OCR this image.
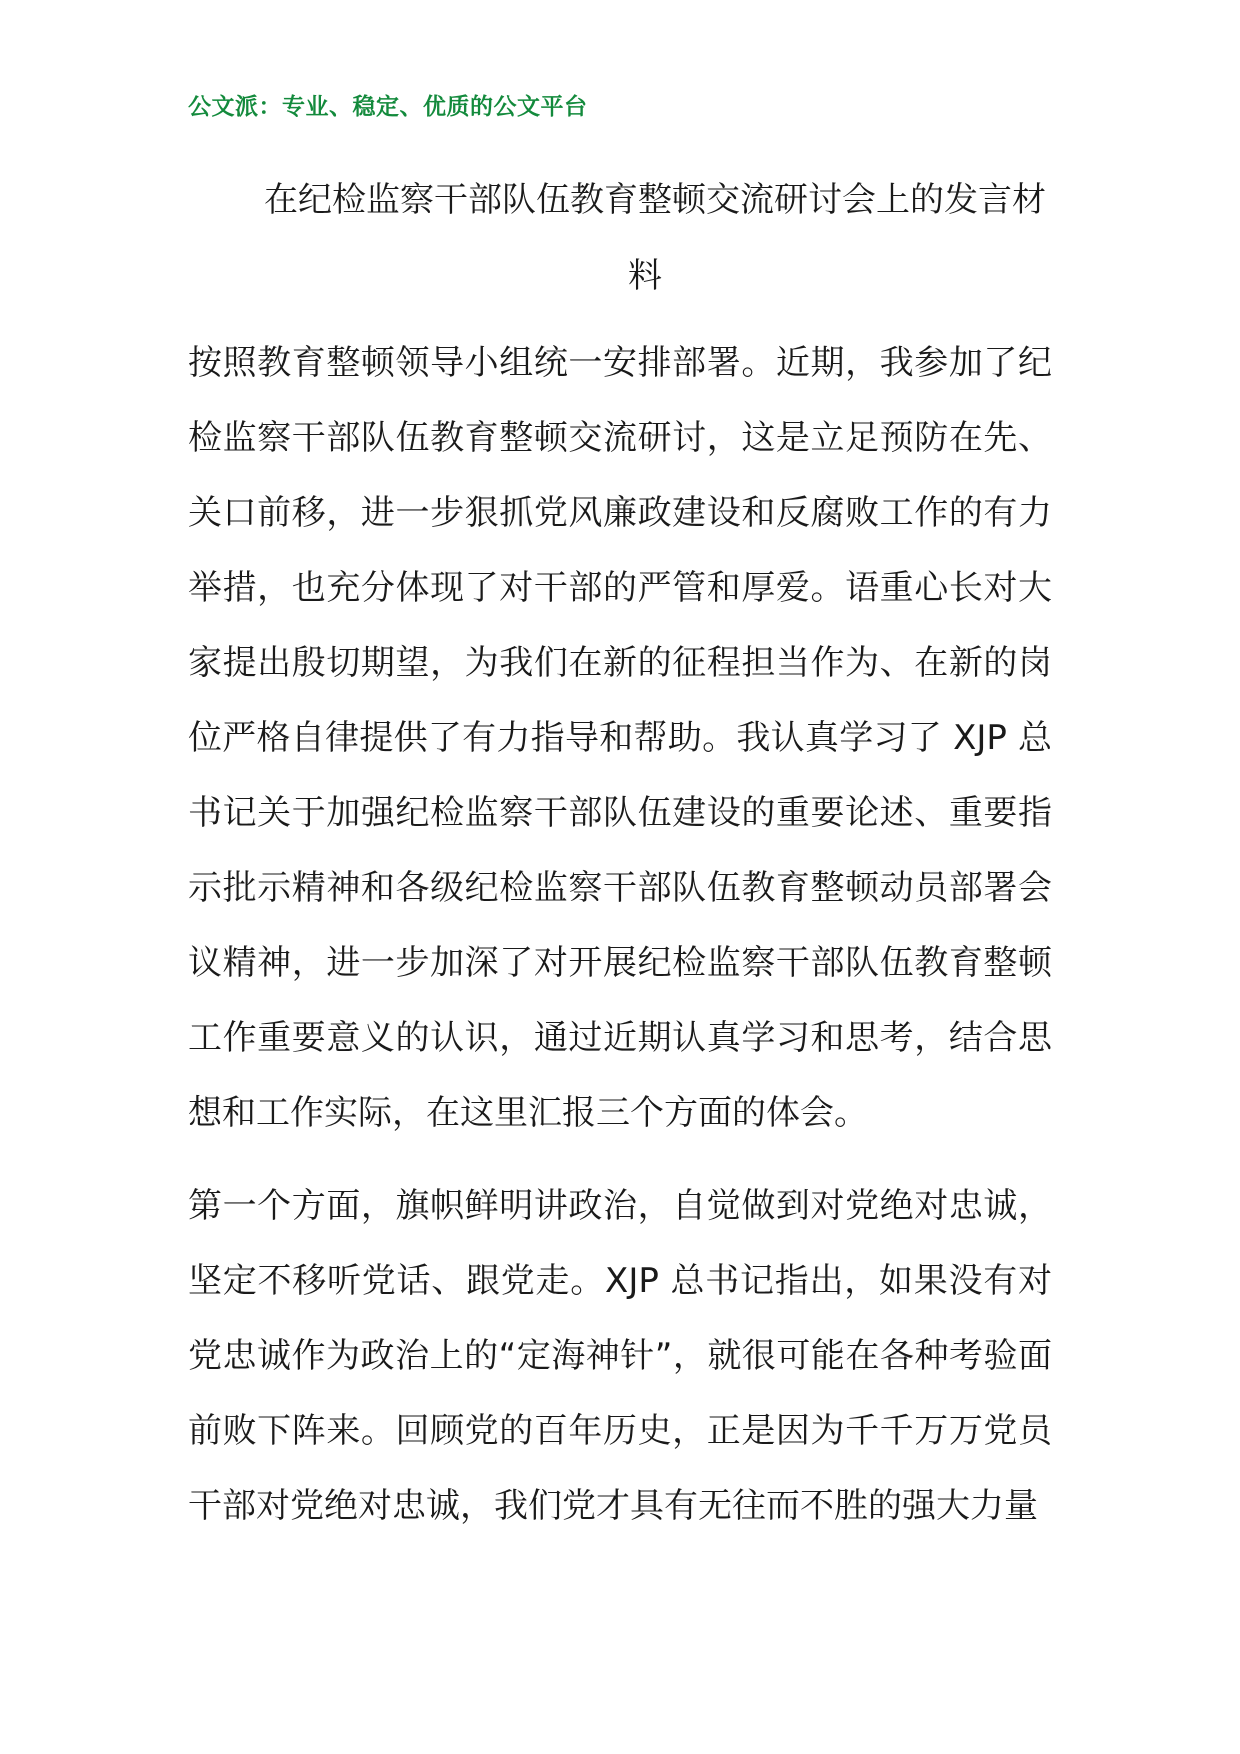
公文派：专业、稳定、优质的公文平台
在纪检监察干部队伍教育整顿交流研讨会上的发言材
料

按照教育整顿领导小组统一安排部署。近期，我参加了纪检监察干部队伍教育整顿交流研讨，这是立足预防在先、关口前移，进一步狠抓党风廉政建设和反腐败工作的有力举措，也充分体现了对干部的严管和厚爱。语重心长对大家提出殷切期望，为我们在新的征程担当作为、在新的岗位严格自律提供了有力指导和帮助。我认真学习了 XJP 总书记关于加强纪检监察干部队伍建设的重要论述、重要指示批示精神和各级纪检监察干部队伍教育整顿动员部署会议精神，进一步加深了对开展纪检监察干部队伍教育整顿工作重要意义的认识，通过近期认真学习和思考，结合思想和工作实际，在这里汇报三个方面的体会。

第一个方面，旗帜鲜明讲政治，自觉做到对党绝对忠诚，坚定不移听党话、跟党走。XJP 总书记指出，如果没有对党忠诚作为政治上的“定海神针”，就很可能在各种考验面前败下阵来。回顾党的百年历史，正是因为千千万万党员干部对党绝对忠诚，我们党才具有无往而不胜的强大力量
